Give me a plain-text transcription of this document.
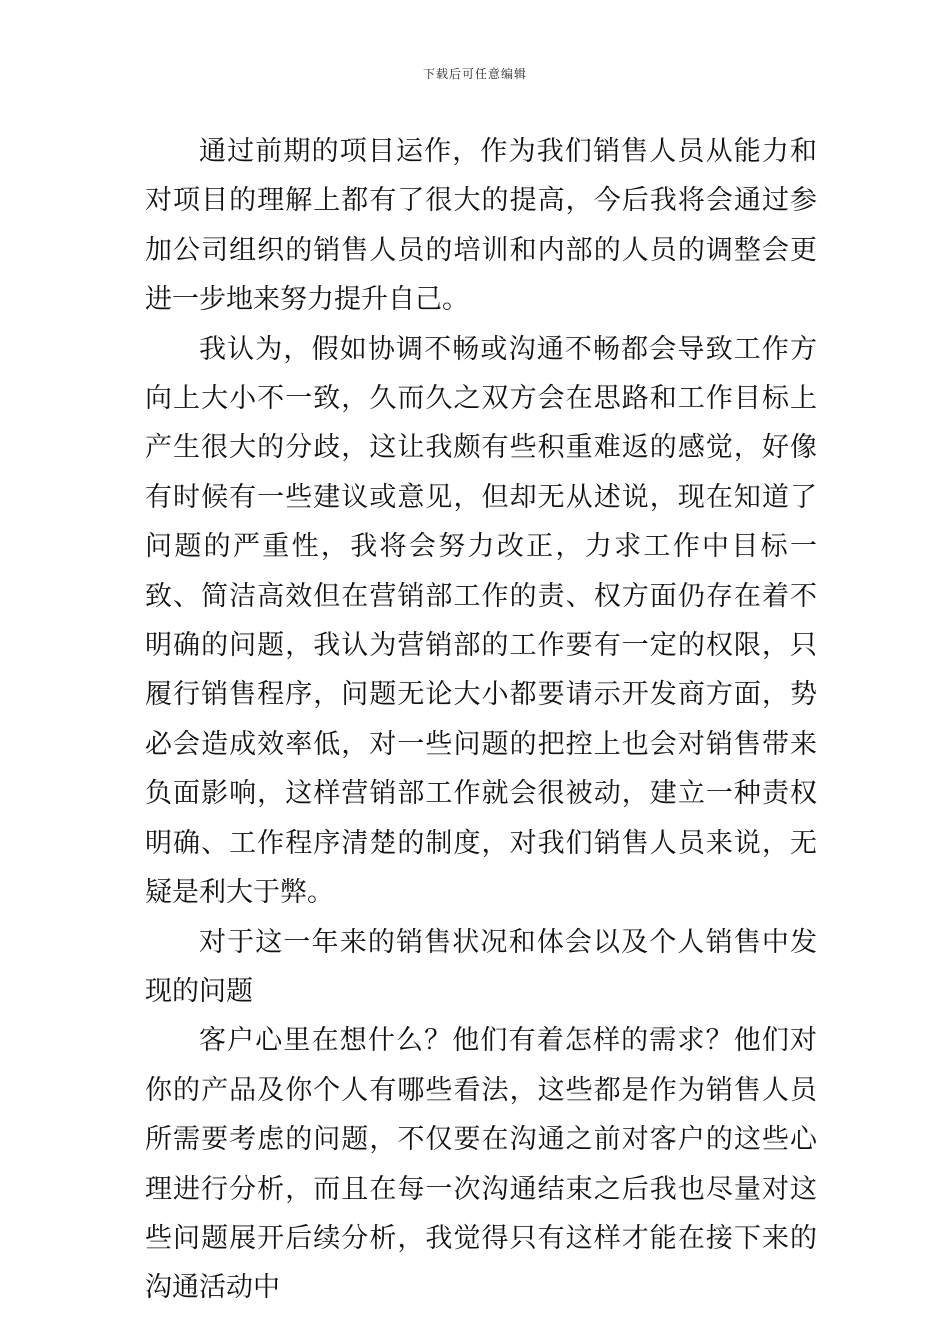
下载后可任意编辑

通过前期的项目运作，作为我们销售人员从能力和对项目的理解上都有了很大的提高，今后我将会通过参加公司组织的销售人员的培训和内部的人员的调整会更进一步地来努力提升自己。

我认为，假如协调不畅或沟通不畅都会导致工作方向上大小不一致，久而久之双方会在思路和工作目标上产生很大的分歧，这让我颇有些积重难返的感觉，好像有时候有一些建议或意见，但却无从述说，现在知道了问题的严重性，我将会努力改正，力求工作中目标一致、简洁高效但在营销部工作的责、权方面仍存在着不明确的问题，我认为营销部的工作要有一定的权限，只履行销售程序，问题无论大小都要请示开发商方面，势必会造成效率低，对一些问题的把控上也会对销售带来负面影响，这样营销部工作就会很被动，建立一种责权明确、工作程序清楚的制度，对我们销售人员来说，无疑是利大于弊。

对于这一年来的销售状况和体会以及个人销售中发现的问题

客户心里在想什么？他们有着怎样的需求？他们对你的产品及你个人有哪些看法，这些都是作为销售人员所需要考虑的问题，不仅要在沟通之前对客户的这些心理进行分析，而且在每一次沟通结束之后我也尽量对这些问题展开后续分析，我觉得只有这样才能在接下来的沟通活动中
